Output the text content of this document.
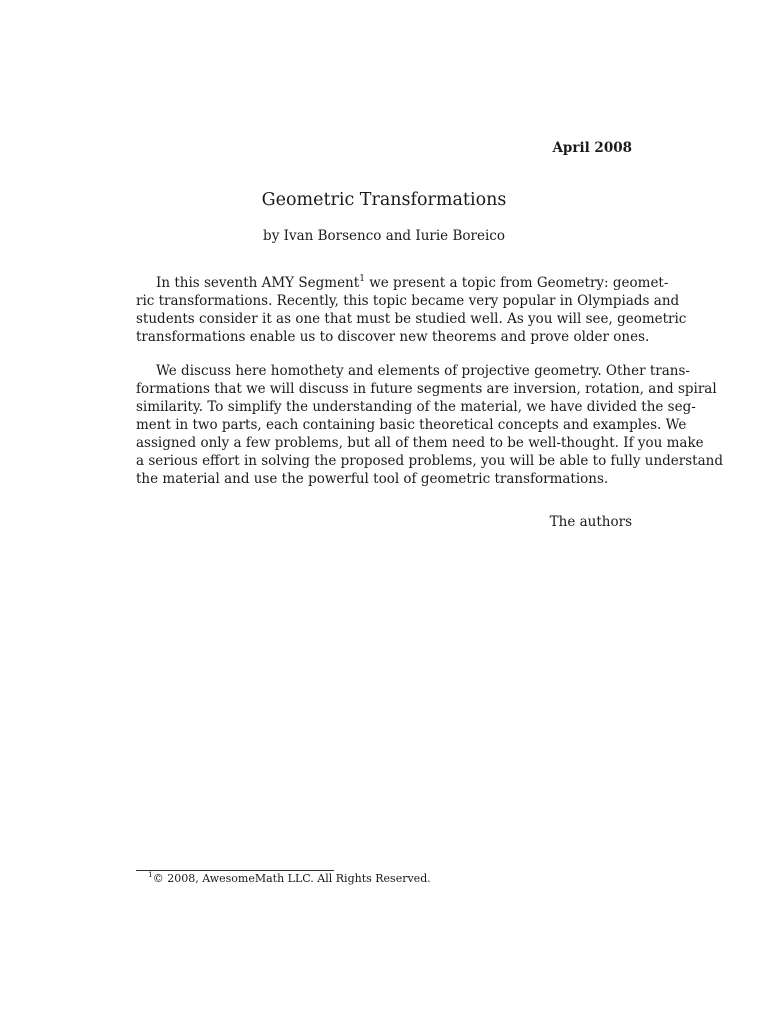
April 2008
Geometric Transformations
by Ivan Borsenco and Iurie Boreico
In this seventh AMY Segment$^1$ we present a topic from Geometry: geomet-
ric transformations. Recently, this topic became very popular in Olympiads and
students consider it as one that must be studied well. As you will see, geometric
transformations enable us to discover new theorems and prove older ones.
We discuss here homothety and elements of projective geometry. Other trans-
formations that we will discuss in future segments are inversion, rotation, and spiral
similarity. To simplify the understanding of the material, we have divided the seg-
ment in two parts, each containing basic theoretical concepts and examples. We
assigned only a few problems, but all of them need to be well-thought. If you make
a serious effort in solving the proposed problems, you will be able to fully understand
the material and use the powerful tool of geometric transformations.
The authors
$^1$© 2008, AwesomeMath LLC. All Rights Reserved.
